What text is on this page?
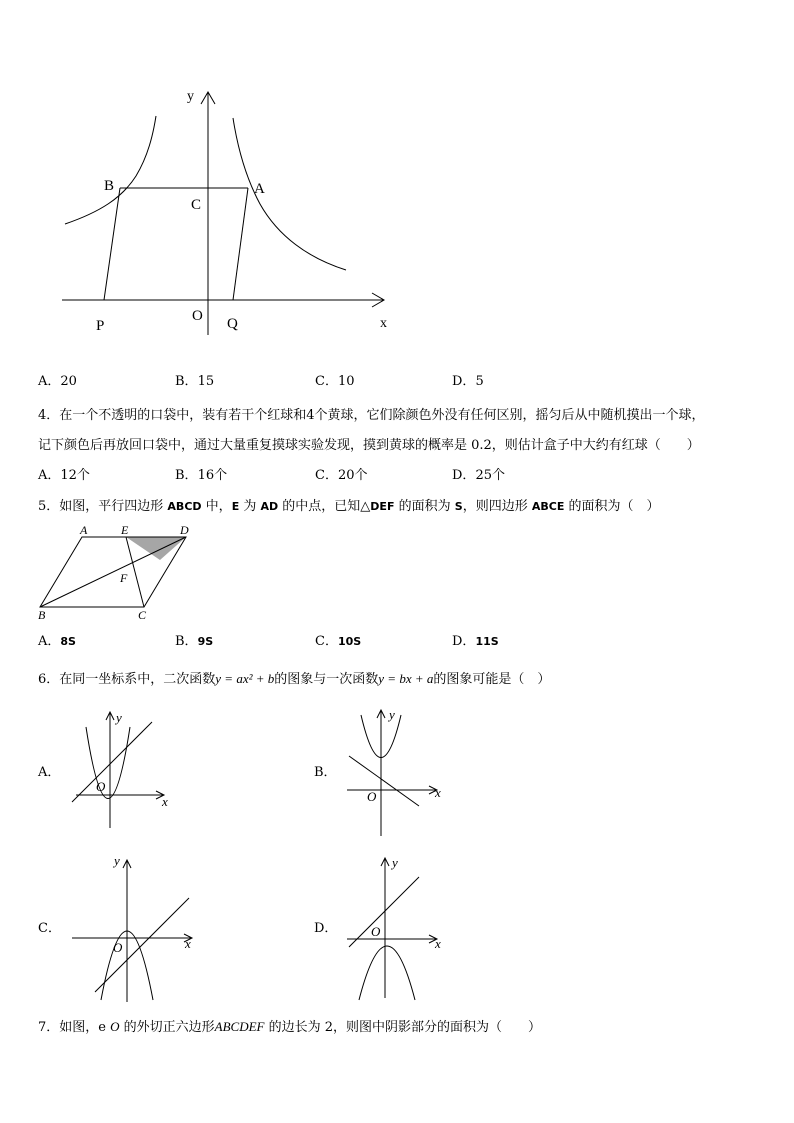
y
x
B	A
C
O
P	Q
A．20	B．15	C．10	D．5
4．在一个不透明的口袋中，装有若干个红球和4个黄球，它们除颜色外没有任何区别，摇匀后从中随机摸出一个球，
记下颜色后再放回口袋中，通过大量重复摸球实验发现，摸到黄球的概率是 0.2，则估计盒子中大约有红球（　　）
A．12个	B．16个	C．20个	D．25个
5．如图，平行四边形 ABCD 中，E 为 AD 的中点，已知△DEF 的面积为 S，则四边形 ABCE 的面积为（　）
A	E	D
F
B	C
A．8S	B．9S	C．10S	D．11S
6．在同一坐标系中，二次函数y = ax² + b的图象与一次函数y = bx + a的图象可能是（　）
A．
y
x
O
B．
y
x
O
C．
y
x
O
D．
y
x
O
7．如图，e O 的外切正六边形ABCDEF 的边长为 2，则图中阴影部分的面积为（　　）
